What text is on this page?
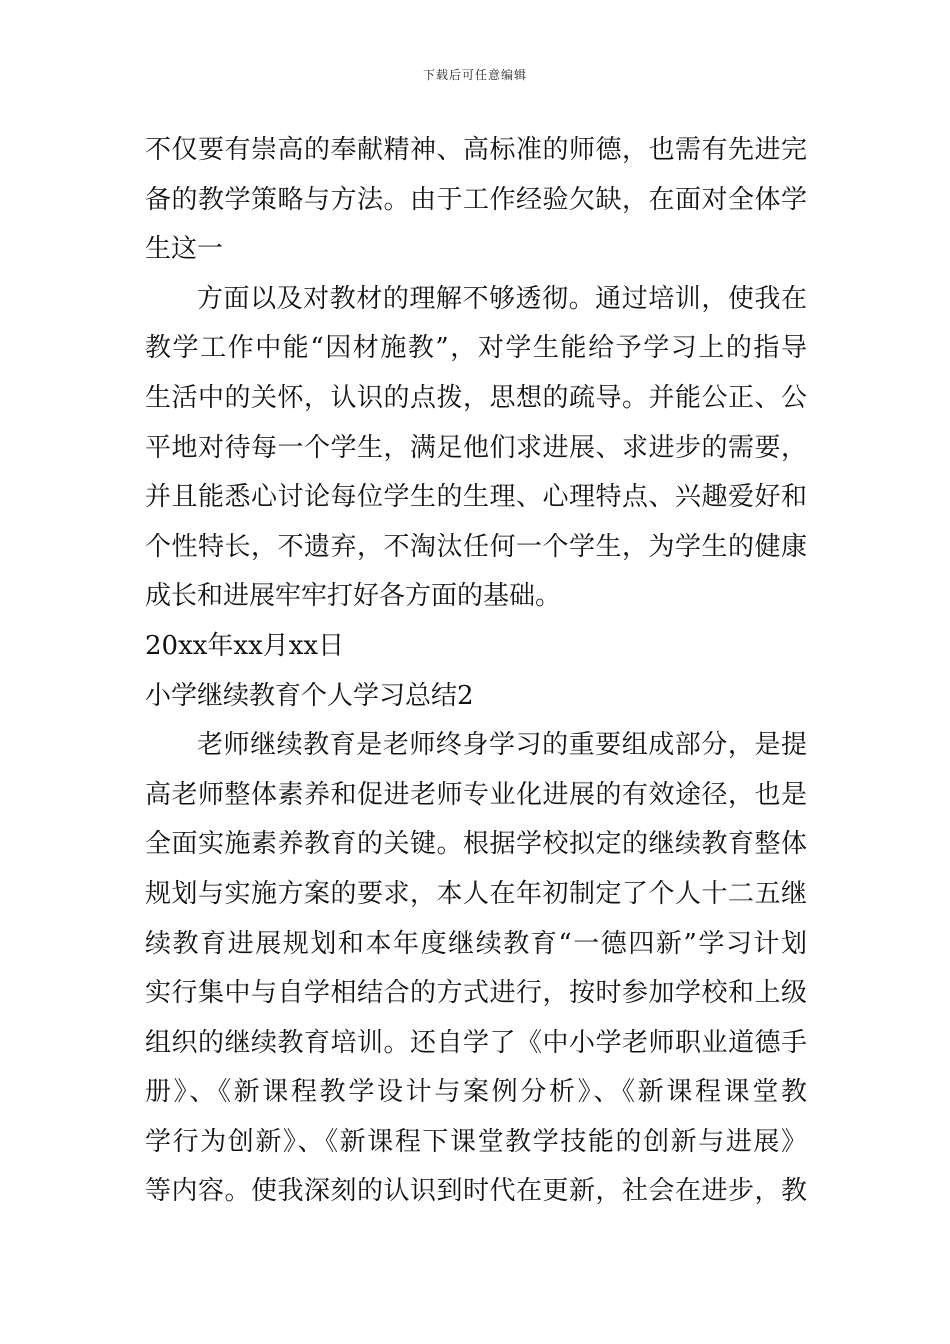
下载后可任意编辑
不仅要有崇高的奉献精神、高标准的师德，也需有先进完
备的教学策略与方法。由于工作经验欠缺，在面对全体学
生这一
方面以及对教材的理解不够透彻。通过培训，使我在
教学工作中能“因材施教”，对学生能给予学习上的指导
生活中的关怀，认识的点拨，思想的疏导。并能公正、公
平地对待每一个学生，满足他们求进展、求进步的需要，
并且能悉心讨论每位学生的生理、心理特点、兴趣爱好和
个性特长，不遗弃，不淘汰任何一个学生，为学生的健康
成长和进展牢牢打好各方面的基础。
20xx年xx月xx日
小学继续教育个人学习总结2
老师继续教育是老师终身学习的重要组成部分，是提
高老师整体素养和促进老师专业化进展的有效途径，也是
全面实施素养教育的关键。根据学校拟定的继续教育整体
规划与实施方案的要求，本人在年初制定了个人十二五继
续教育进展规划和本年度继续教育“一德四新”学习计划
实行集中与自学相结合的方式进行，按时参加学校和上级
组织的继续教育培训。还自学了《中小学老师职业道德手
册》、《新课程教学设计与案例分析》、《新课程课堂教
学行为创新》、《新课程下课堂教学技能的创新与进展》
等内容。使我深刻的认识到时代在更新，社会在进步，教
